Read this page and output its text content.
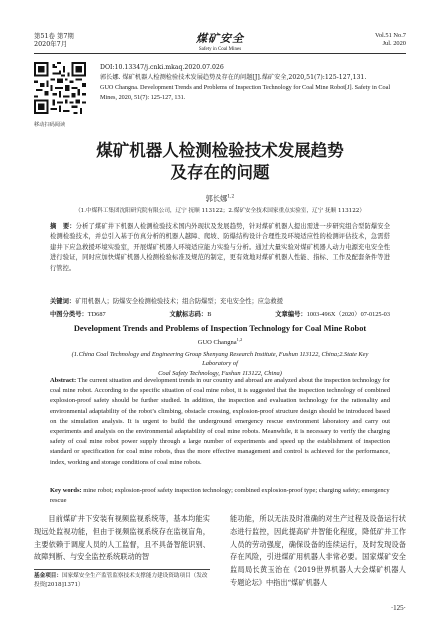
第51卷 第7期
2020年7月	煤矿安全
Safety in Coal Mines
Vol.51 No.7
Jul. 2020
移动扫码阅读
DOI:10.13347/j.cnki.mkaq.2020.07.026
郭长娜. 煤矿机器人检测检验技术发展趋势及存在的问题[J].煤矿安全,2020,51(7):125-127,131.
GUO Changna. Development Trends and Problems of Inspection Technology for Coal Mine Robot[J]. Safety in Coal Mines, 2020, 51(7): 125-127, 131.
煤矿机器人检测检验技术发展趋势
及存在的问题
郭长娜$^{1,2}$
（1.中煤科工集团沈阳研究院有限公司，辽宁 抚顺 113122；2.煤矿安全技术国家重点实验室，辽宁 抚顺 113122）
摘　要：分析了煤矿井下机器人检测检验技术国内外现状及发展趋势，针对煤矿机器人提出需进一步研究组合型防爆安全检测检验技术，并总引入基于仿真分析的机器人越障、爬坡、防爆结构设计合理性及环境适应性的检测评估技术，急需搭建井下应急救援环境实验室，开展煤矿机器人环境适应能力实验与分析。通过大量实验对煤矿机器人动力电源充电安全性进行验证，同时应加快煤矿机器人检测检验标准及规范的制定，更有效地对煤矿机器人性能、指标、工作及配套条件等进行管控。
关键词：矿用机器人；防爆安全检测检验技术；组合防爆型；充电安全性；应急救援
中图分类号：TD687	文献标志码：B	文章编号：1003-496X（2020）07-0125-03
Development Trends and Problems of Inspection Technology for Coal Mine Robot
GUO Changna$^{1,2}$
(1.China Coal Technology and Engineering Group Shenyang Research Institute, Fushun 113122, China;2.State Key Laboratory of
Coal Safety Technology, Fushun 113122, China)
Abstract: The current situation and development trends in our country and abroad are analyzed about the inspection technology for coal mine robot. According to the specific situation of coal mine robot, it is suggested that the inspection technology of combined explosion-proof safety should be further studied. In addition, the inspection and evaluation technology for the rationality and environmental adaptability of the robot’s climbing, obstacle crossing, explosion-proof structure design should be introduced based on the simulation analysis. It is urgent to build the underground emergency rescue environment laboratory and carry out experiments and analysis on the environmental adaptability of coal mine robots. Meanwhile, it is necessary to verify the charging safety of coal mine robot power supply through a large number of experiments and speed up the establishment of inspection standard or specification for coal mine robots, thus the more effective management and control is achieved for the performance, index, working and storage conditions of coal mine robots.
Key words: mine robot; explosion-proof safety inspection technology; combined explosion-proof type; charging safety; emergency rescue

目前煤矿井下安装有视频监视系统等，基本均能实现远处监视功能，但由于视频监视系统存在监视盲角，主要依赖于调度人员的人工监督，且不具备智能识别、故障判断、与安全监控系统联动的智

能功能，所以无法及时准确的对生产过程及设备运行状态进行监控，因此提高矿井智能化程度，降低矿井工作人员的劳动强度，确保设备的连续运行，及时发现设备存在风险，引进煤矿用机器人非常必要。国家煤矿安全监局局长黄玉治在《2019世界机器人大会煤矿机器人专题论坛》中指出“煤矿机器人

基金项目：国家煤安全生产监管监察技术支撑能力建设资助项目（发改投资[2018]1371）
·125·
